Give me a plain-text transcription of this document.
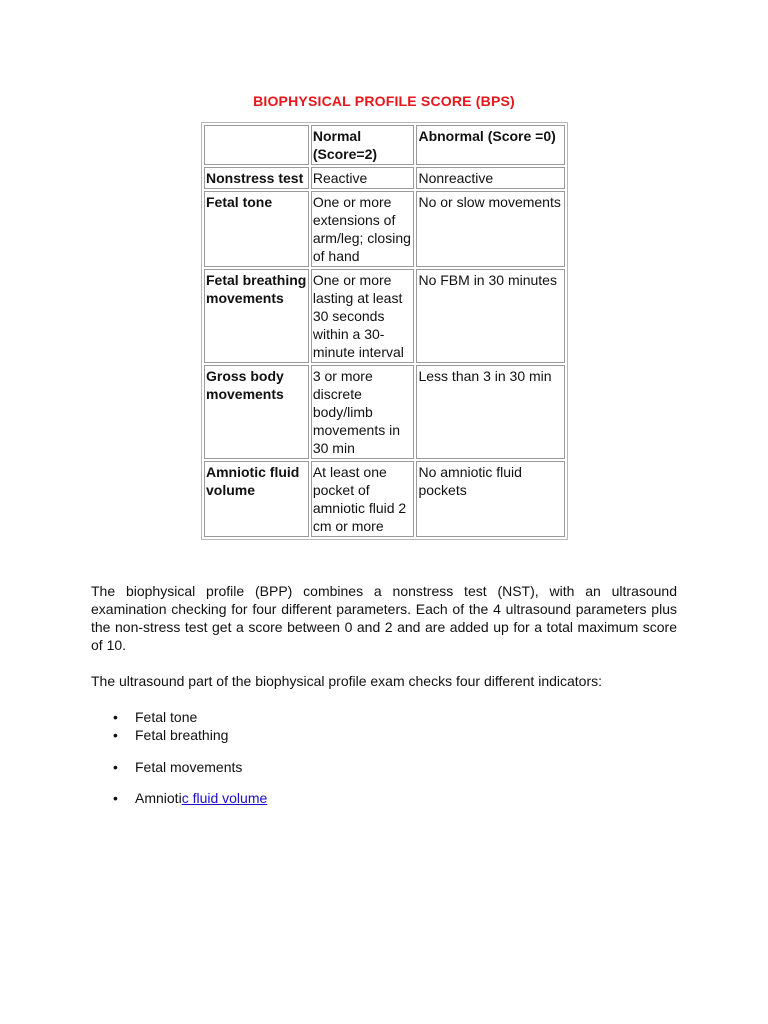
BIOPHYSICAL PROFILE SCORE (BPS)
	Normal (Score=2)	Abnormal (Score =0)
Nonstress test	Reactive	Nonreactive
Fetal tone	One or more extensions of arm/leg; closing of hand	No or slow movements
Fetal breathing movements	One or more lasting at least 30 seconds within a 30-minute interval	No FBM in 30 minutes
Gross body movements	3 or more discrete body/limb movements in 30 min	Less than 3 in 30 min
Amniotic fluid volume	At least one pocket of amniotic fluid 2 cm or more	No amniotic fluid pockets

The biophysical profile (BPP) combines a nonstress test (NST), with an ultrasound examination checking for four different parameters. Each of the 4 ultrasound parameters plus the non-stress test get a score between 0 and 2 and are added up for a total maximum score of 10.

The ultrasound part of the biophysical profile exam checks four different indicators:

• Fetal tone
• Fetal breathing
• Fetal movements
• Amniotic fluid volume
